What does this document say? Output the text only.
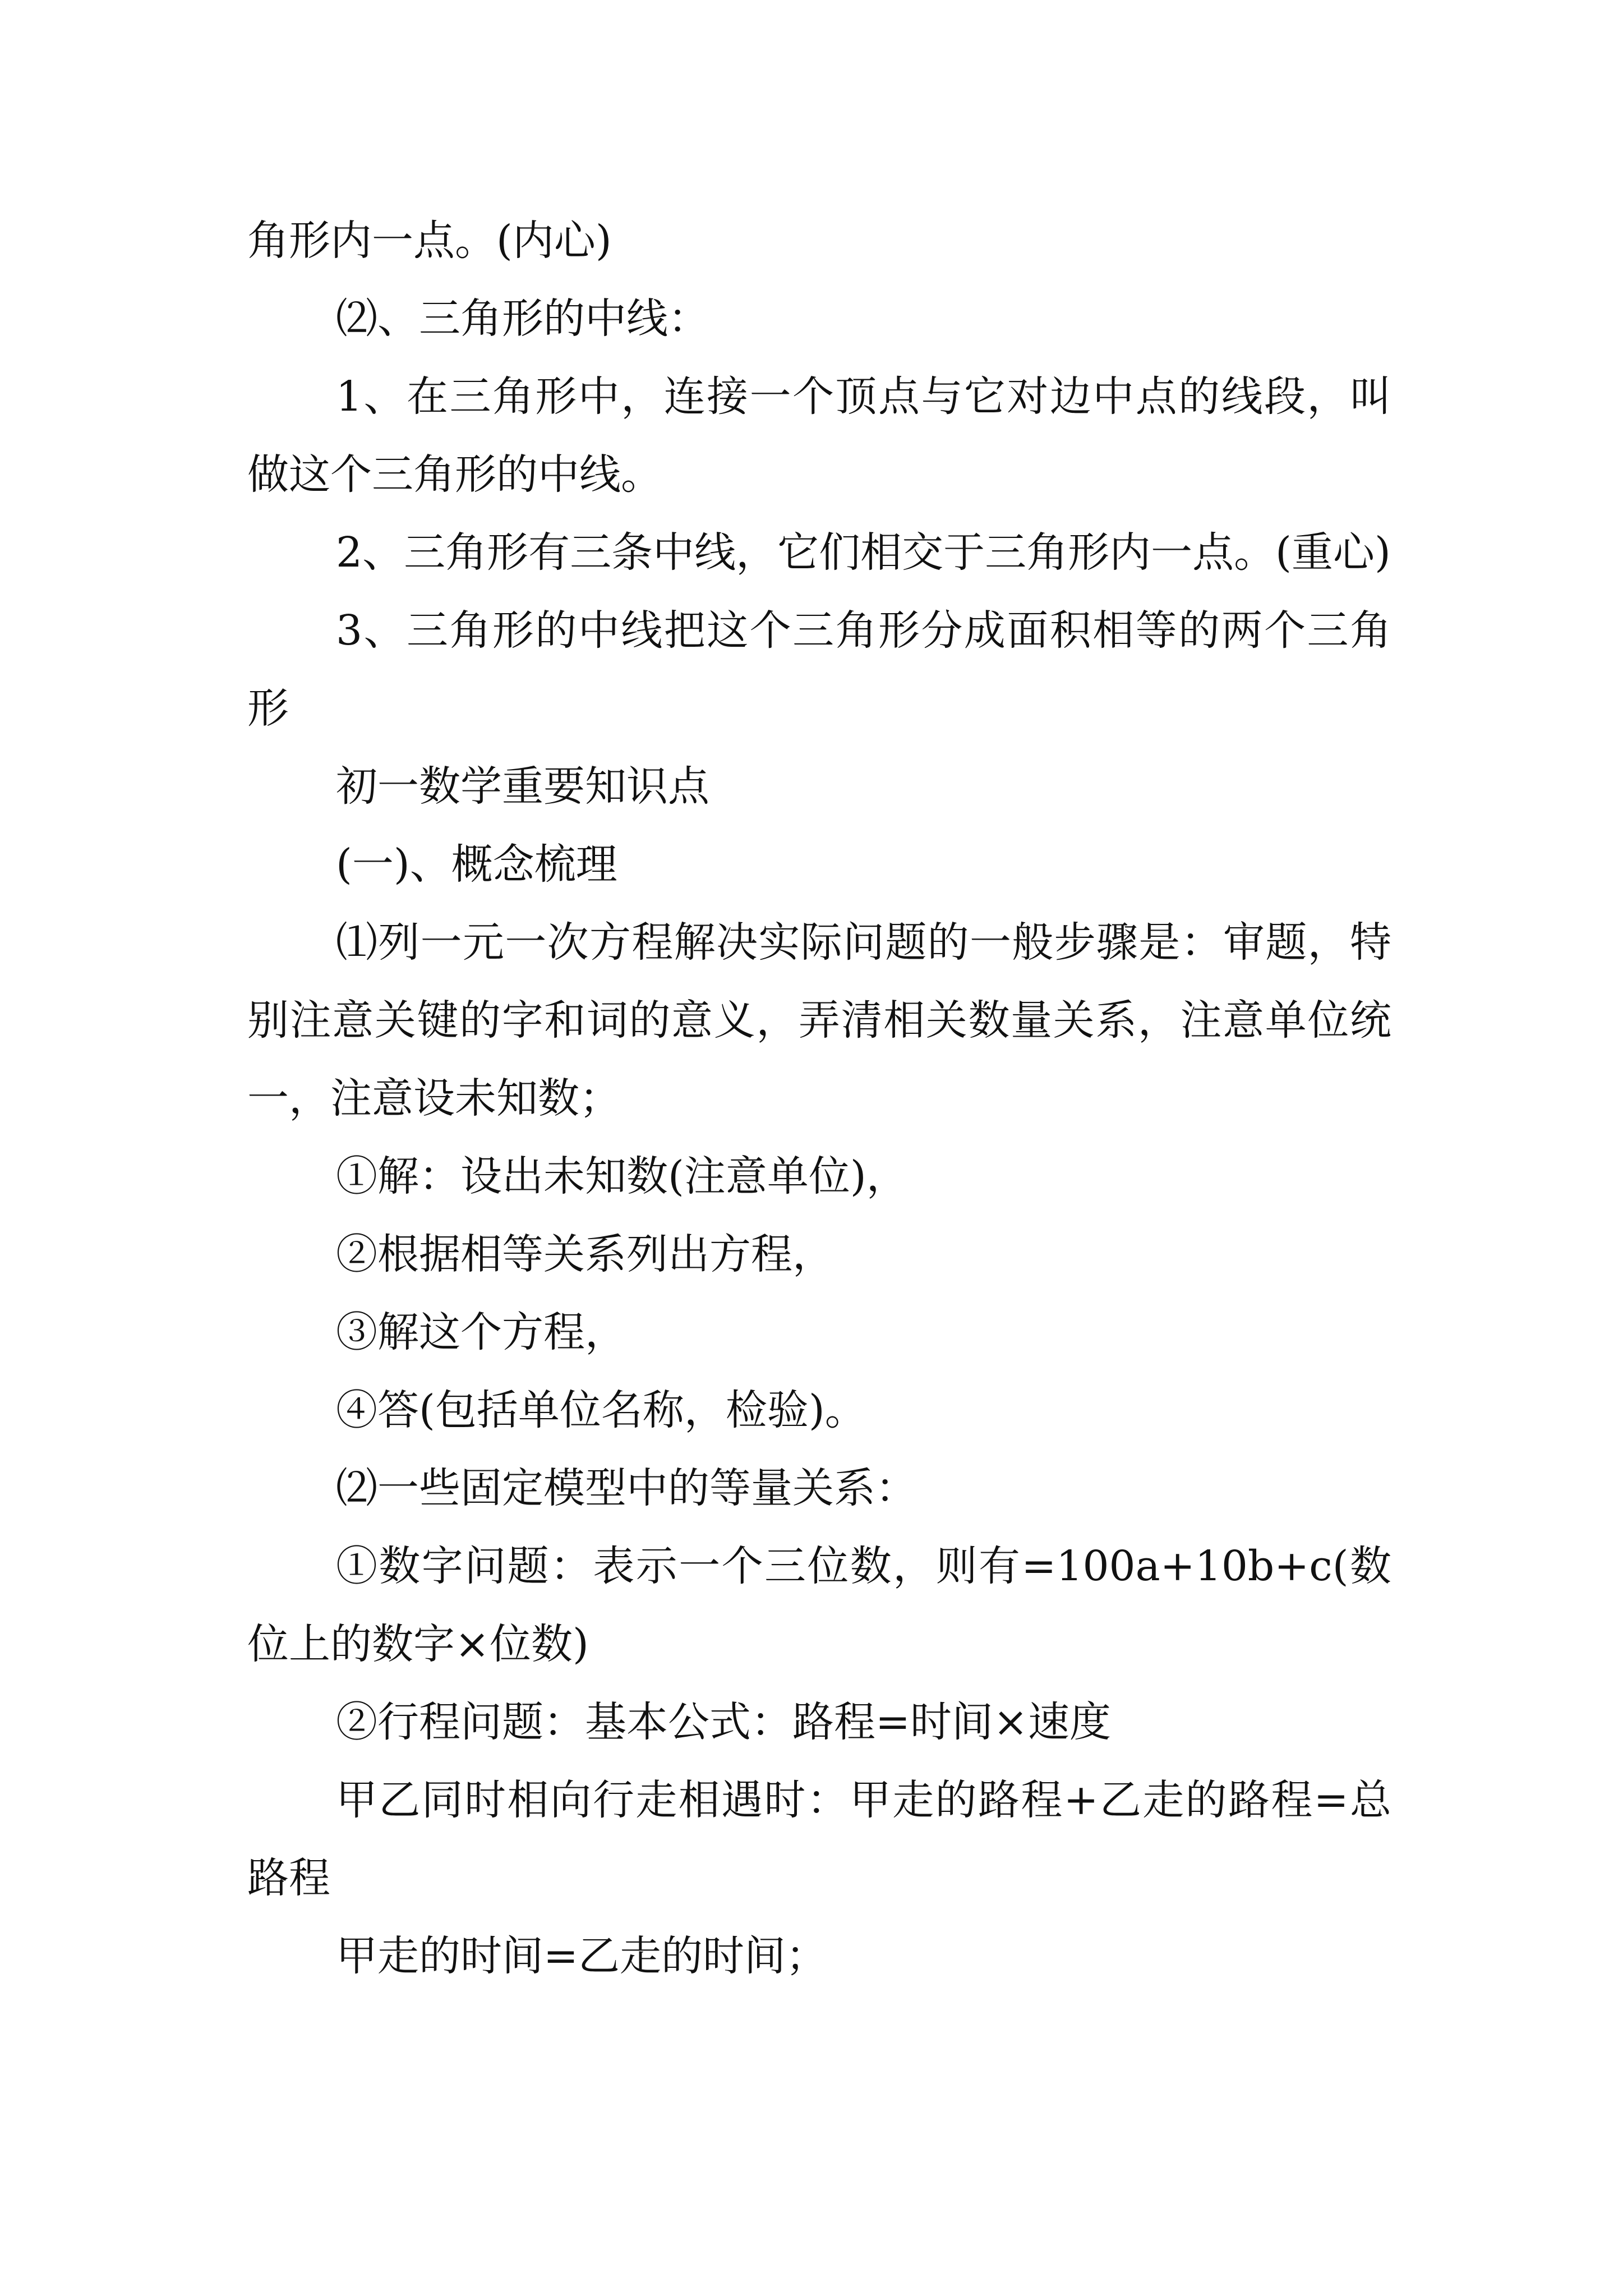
角形内一点。(内心)

⑵、三角形的中线：

1、在三角形中，连接一个顶点与它对边中点的线段，叫做这个三角形的中线。

2、三角形有三条中线，它们相交于三角形内一点。(重心)

3、三角形的中线把这个三角形分成面积相等的两个三角形

初一数学重要知识点

(一)、概念梳理

⑴列一元一次方程解决实际问题的一般步骤是：审题，特别注意关键的字和词的意义，弄清相关数量关系，注意单位统一，注意设未知数；

①解：设出未知数(注意单位)，

②根据相等关系列出方程，

③解这个方程，

④答(包括单位名称，检验)。

⑵一些固定模型中的等量关系：

①数字问题：表示一个三位数，则有=100a+10b+c(数位上的数字×位数)

②行程问题：基本公式：路程=时间×速度

甲乙同时相向行走相遇时：甲走的路程+乙走的路程=总路程

甲走的时间=乙走的时间；
